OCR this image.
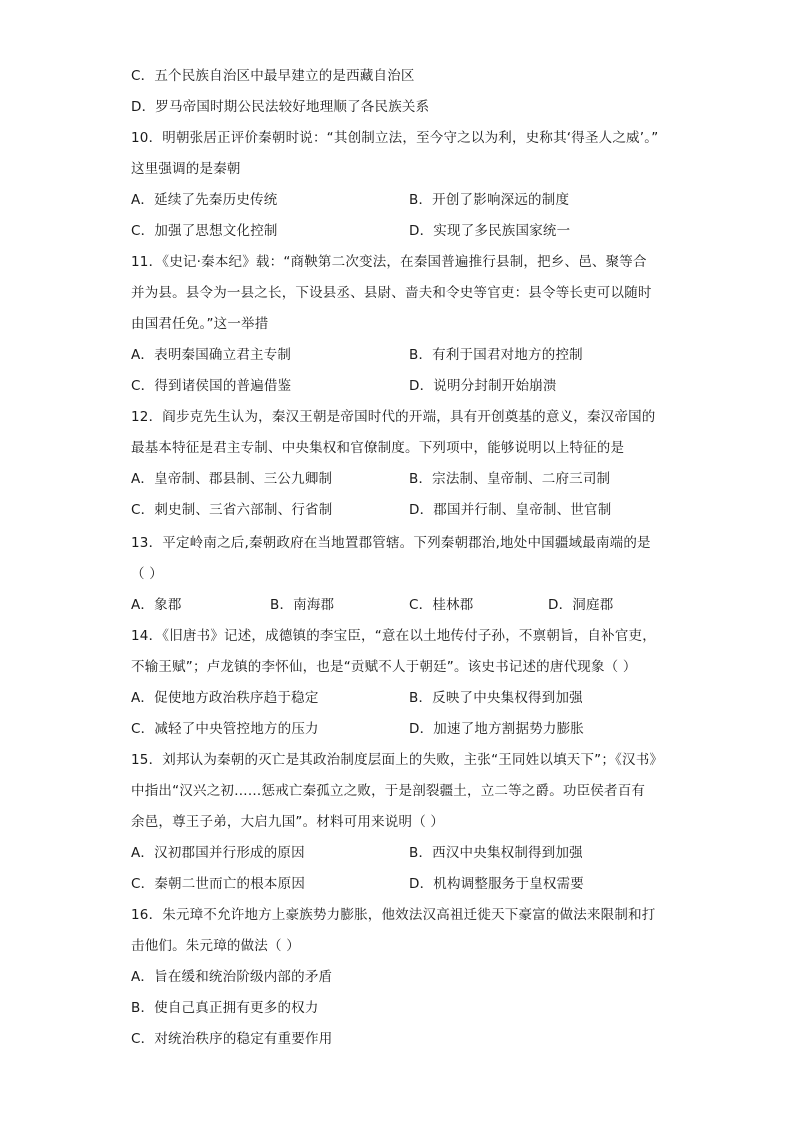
C．五个民族自治区中最早建立的是西藏自治区
D．罗马帝国时期公民法较好地理顺了各民族关系
10．明朝张居正评价秦朝时说：“其创制立法，至今守之以为利，史称其‘得圣人之威’。”
这里强调的是秦朝
A．延续了先秦历史传统	B．开创了影响深远的制度
C．加强了思想文化控制	D．实现了多民族国家统一
11．《史记·秦本纪》载：“商鞅第二次变法，在秦国普遍推行县制，把乡、邑、聚等合
并为县。县令为一县之长，下设县丞、县尉、啬夫和令史等官吏：县令等长吏可以随时
由国君任免。”这一举措
A．表明秦国确立君主专制	B．有利于国君对地方的控制
C．得到诸侯国的普遍借鉴	D．说明分封制开始崩溃
12．阎步克先生认为，秦汉王朝是帝国时代的开端，具有开创奠基的意义，秦汉帝国的
最基本特征是君主专制、中央集权和官僚制度。下列项中，能够说明以上特征的是
A．皇帝制、郡县制、三公九卿制	B．宗法制、皇帝制、二府三司制
C．刺史制、三省六部制、行省制	D．郡国并行制、皇帝制、世官制
13．平定岭南之后,秦朝政府在当地置郡管辖。下列秦朝郡治,地处中国疆域最南端的是
（ ）
A．象郡	B．南海郡	C．桂林郡	D．洞庭郡
14．《旧唐书》记述，成德镇的李宝臣，“意在以土地传付子孙，不禀朝旨，自补官吏，
不输王赋”；卢龙镇的李怀仙，也是“贡赋不人于朝廷”。该史书记述的唐代现象（ ）
A．促使地方政治秩序趋于稳定	B．反映了中央集权得到加强
C．减轻了中央管控地方的压力	D．加速了地方割据势力膨胀
15．刘邦认为秦朝的灭亡是其政治制度层面上的失败，主张“王同姓以填天下”；《汉书》
中指出“汉兴之初……惩戒亡秦孤立之败，于是剖裂疆土，立二等之爵。功臣侯者百有
余邑，尊王子弟，大启九国”。材料可用来说明（ ）
A．汉初郡国并行形成的原因	B．西汉中央集权制得到加强
C．秦朝二世而亡的根本原因	D．机构调整服务于皇权需要
16．朱元璋不允许地方上豪族势力膨胀，他效法汉高祖迁徙天下豪富的做法来限制和打
击他们。朱元璋的做法（ ）
A．旨在缓和统治阶级内部的矛盾
B．使自己真正拥有更多的权力
C．对统治秩序的稳定有重要作用
